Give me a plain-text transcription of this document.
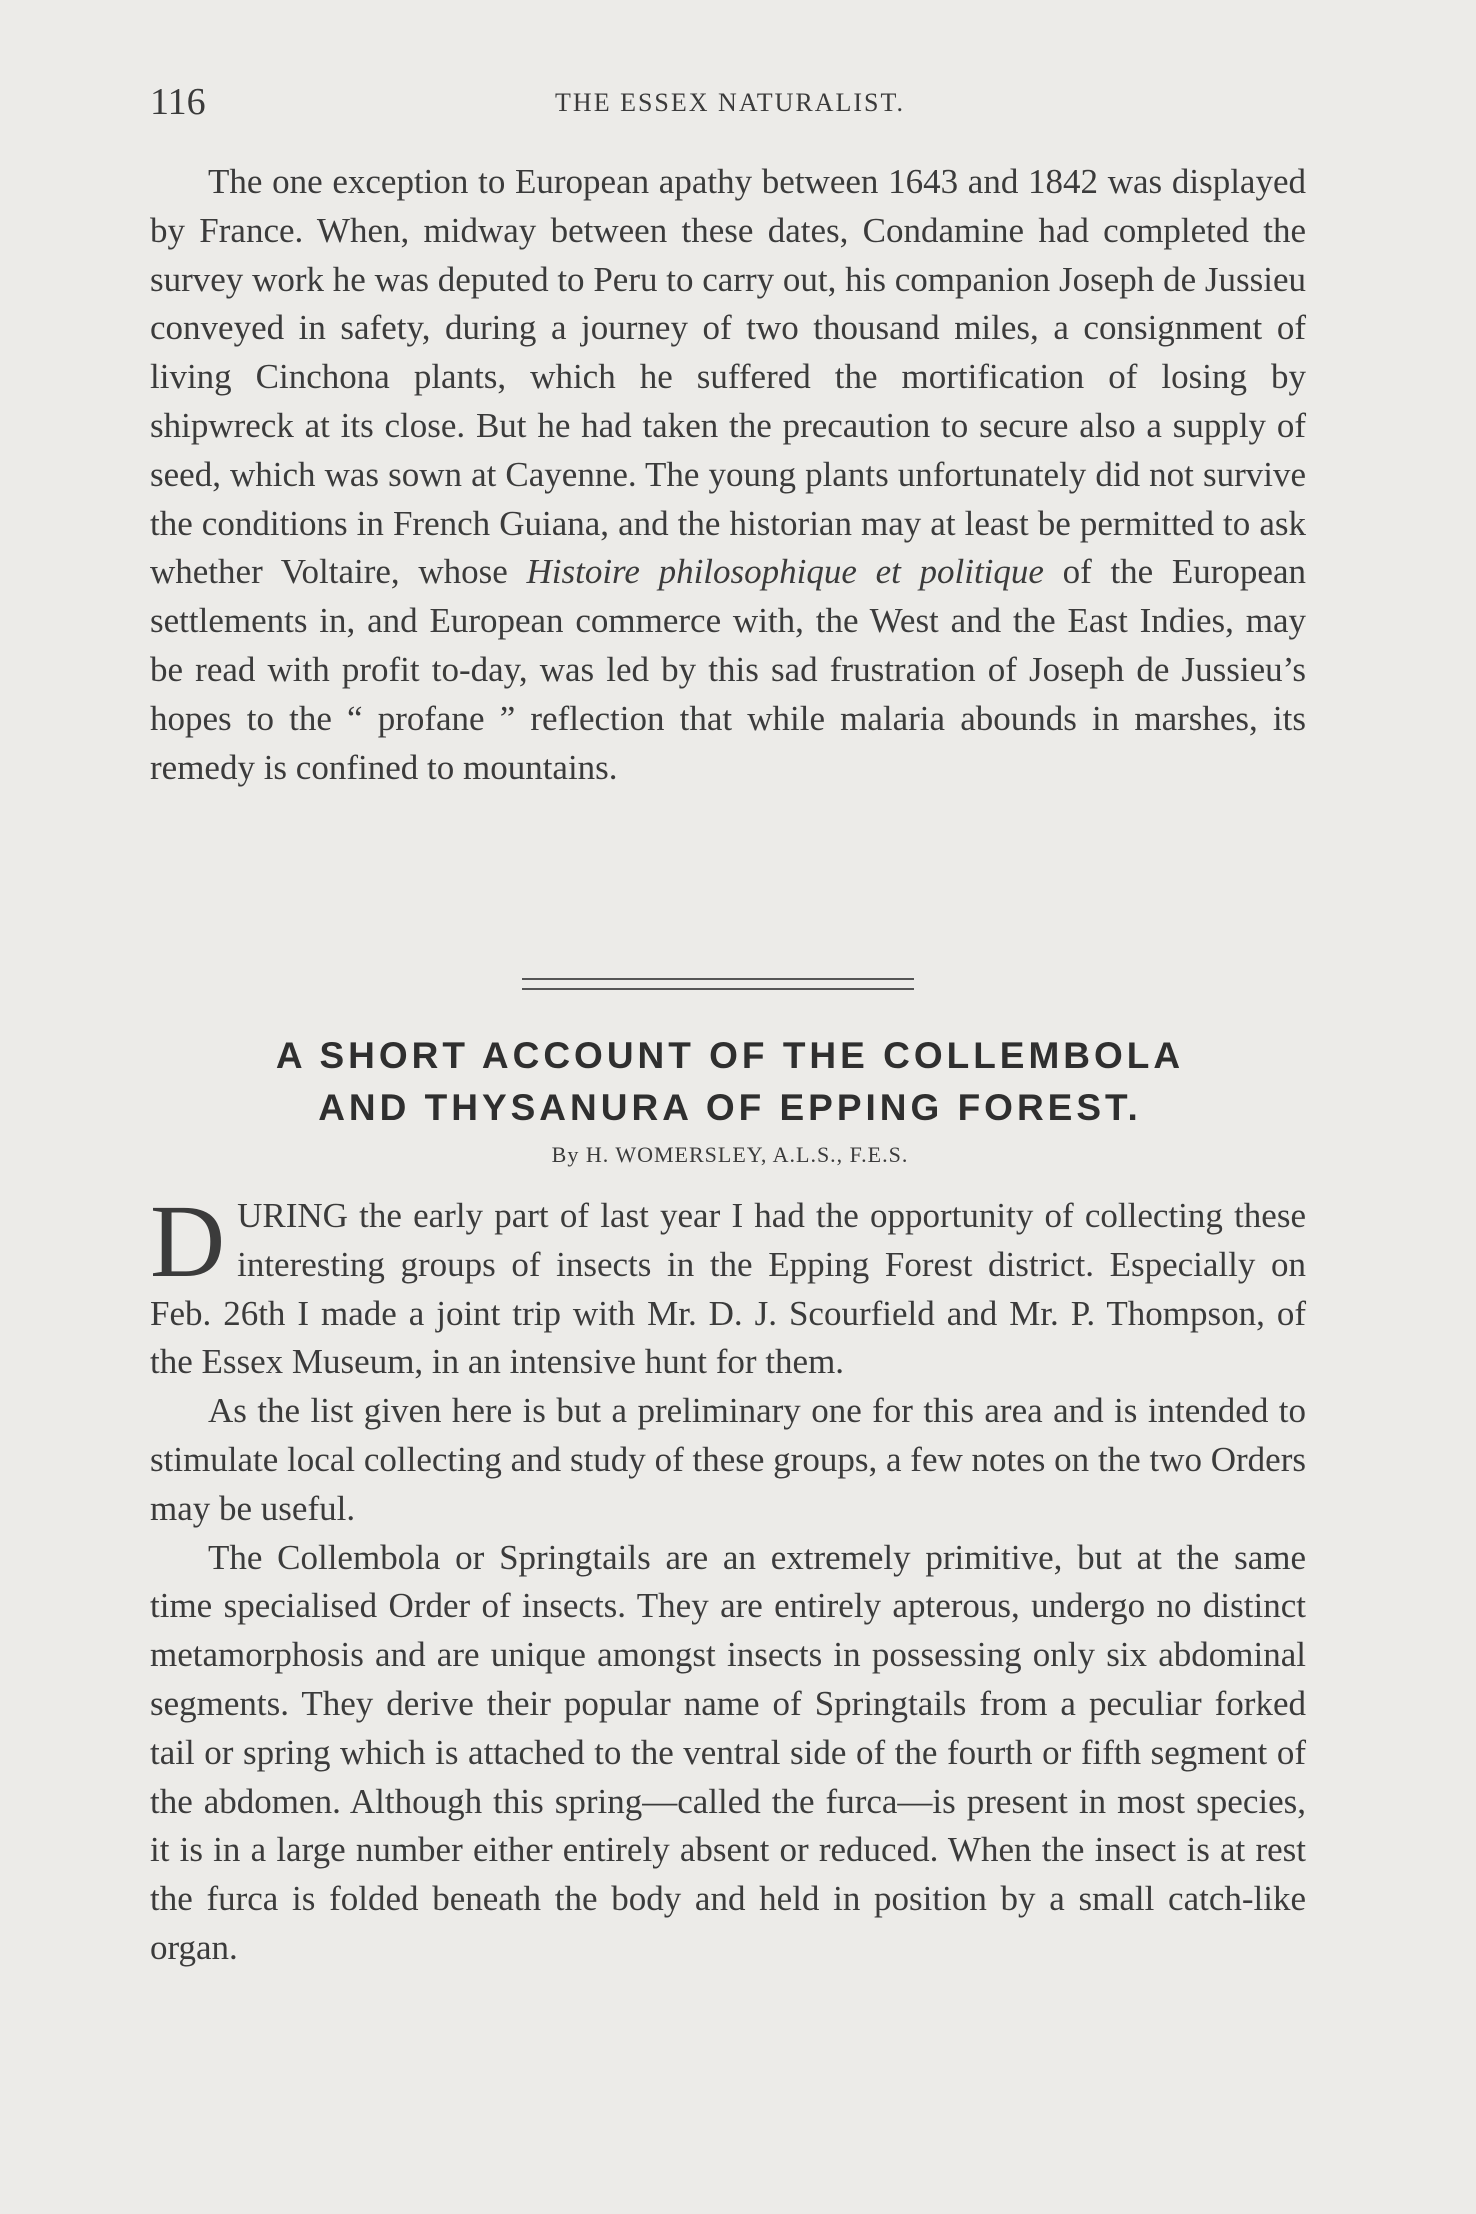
116	THE ESSEX NATURALIST.

The one exception to European apathy between 1643 and 1842 was displayed by France. When, midway between these dates, Condamine had completed the survey work he was deputed to Peru to carry out, his companion Joseph de Jussieu conveyed in safety, during a journey of two thousand miles, a consignment of living Cinchona plants, which he suffered the mortification of losing by shipwreck at its close. But he had taken the precaution to secure also a supply of seed, which was sown at Cayenne. The young plants unfortunately did not survive the conditions in French Guiana, and the historian may at least be permitted to ask whether Voltaire, whose Histoire philosophique et politique of the European settlements in, and European commerce with, the West and the East Indies, may be read with profit to-day, was led by this sad frustration of Joseph de Jussieu’s hopes to the “ profane ” reflection that while malaria abounds in marshes, its remedy is confined to mountains.

A SHORT ACCOUNT OF THE COLLEMBOLA
AND THYSANURA OF EPPING FOREST.
By H. WOMERSLEY, A.L.S., F.E.S.

DURING the early part of last year I had the opportunity of collecting these interesting groups of insects in the Epping Forest district. Especially on Feb. 26th I made a joint trip with Mr. D. J. Scourfield and Mr. P. Thompson, of the Essex Museum, in an intensive hunt for them.

As the list given here is but a preliminary one for this area and is intended to stimulate local collecting and study of these groups, a few notes on the two Orders may be useful.

The Collembola or Springtails are an extremely primitive, but at the same time specialised Order of insects. They are entirely apterous, undergo no distinct metamorphosis and are unique amongst insects in possessing only six abdominal segments. They derive their popular name of Springtails from a peculiar forked tail or spring which is attached to the ventral side of the fourth or fifth segment of the abdomen. Although this spring—called the furca—is present in most species, it is in a large number either entirely absent or reduced. When the insect is at rest the furca is folded beneath the body and held in position by a small catch-like organ.
